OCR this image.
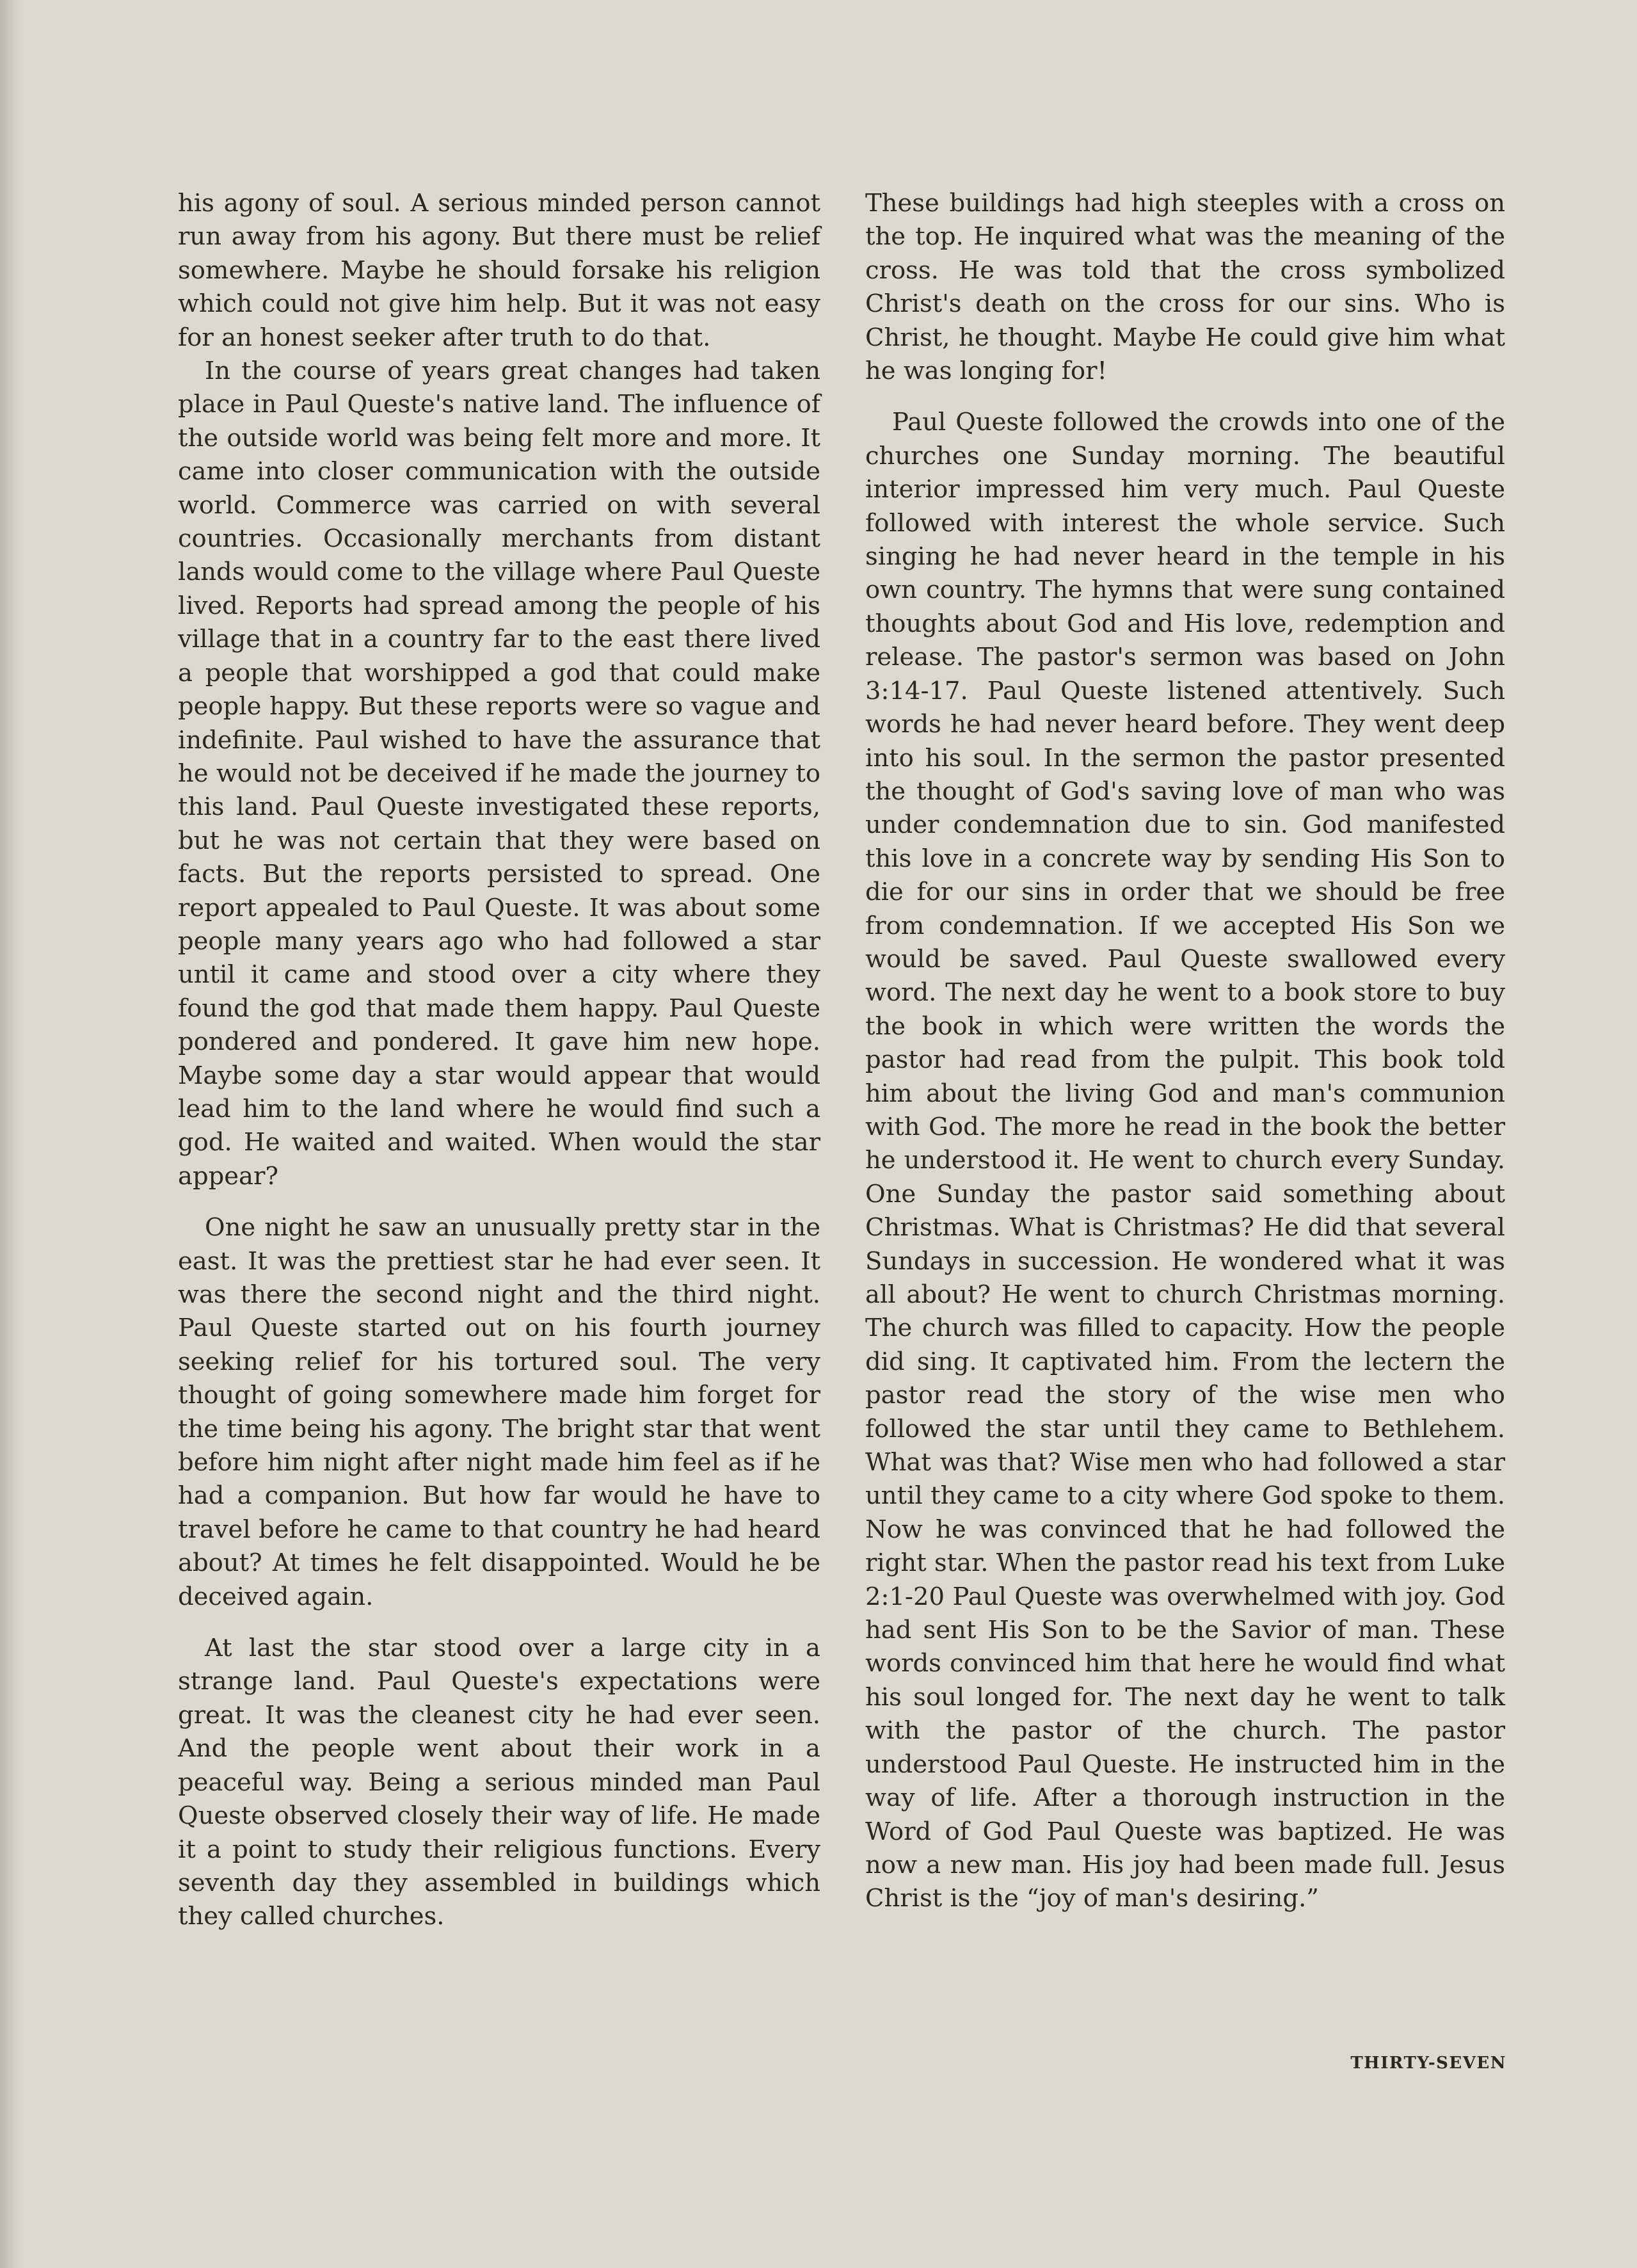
his agony of soul. A serious minded person cannot run away from his agony. But there must be relief somewhere. Maybe he should forsake his religion which could not give him help. But it was not easy for an honest seeker after truth to do that.

In the course of years great changes had taken place in Paul Queste's native land. The influence of the outside world was being felt more and more. It came into closer communication with the outside world. Commerce was carried on with several countries. Occasionally merchants from distant lands would come to the village where Paul Queste lived. Reports had spread among the people of his village that in a country far to the east there lived a people that worshipped a god that could make people happy. But these reports were so vague and indefinite. Paul wished to have the assurance that he would not be deceived if he made the journey to this land. Paul Queste investigated these reports, but he was not certain that they were based on facts. But the reports persisted to spread. One report appealed to Paul Queste. It was about some people many years ago who had followed a star until it came and stood over a city where they found the god that made them happy. Paul Queste pondered and pondered. It gave him new hope. Maybe some day a star would appear that would lead him to the land where he would find such a god. He waited and waited. When would the star appear?

One night he saw an unusually pretty star in the east. It was the prettiest star he had ever seen. It was there the second night and the third night. Paul Queste started out on his fourth journey seeking relief for his tortured soul. The very thought of going somewhere made him forget for the time being his agony. The bright star that went before him night after night made him feel as if he had a companion. But how far would he have to travel before he came to that country he had heard about? At times he felt disappointed. Would he be deceived again.

At last the star stood over a large city in a strange land. Paul Queste's expectations were great. It was the cleanest city he had ever seen. And the people went about their work in a peaceful way. Being a serious minded man Paul Queste observed closely their way of life. He made it a point to study their religious functions. Every seventh day they assembled in buildings which they called churches.

These buildings had high steeples with a cross on the top. He inquired what was the meaning of the cross. He was told that the cross symbolized Christ's death on the cross for our sins. Who is Christ, he thought. Maybe He could give him what he was longing for!

Paul Queste followed the crowds into one of the churches one Sunday morning. The beautiful interior impressed him very much. Paul Queste followed with interest the whole service. Such singing he had never heard in the temple in his own country. The hymns that were sung contained thoughts about God and His love, redemption and release. The pastor's sermon was based on John 3:14-17. Paul Queste listened attentively. Such words he had never heard before. They went deep into his soul. In the sermon the pastor presented the thought of God's saving love of man who was under condemnation due to sin. God manifested this love in a concrete way by sending His Son to die for our sins in order that we should be free from condemnation. If we accepted His Son we would be saved. Paul Queste swallowed every word. The next day he went to a book store to buy the book in which were written the words the pastor had read from the pulpit. This book told him about the living God and man's communion with God. The more he read in the book the better he understood it. He went to church every Sunday. One Sunday the pastor said something about Christmas. What is Christmas? He did that several Sundays in succession. He wondered what it was all about? He went to church Christmas morning. The church was filled to capacity. How the people did sing. It captivated him. From the lectern the pastor read the story of the wise men who followed the star until they came to Bethlehem. What was that? Wise men who had followed a star until they came to a city where God spoke to them. Now he was convinced that he had followed the right star. When the pastor read his text from Luke 2:1-20 Paul Queste was overwhelmed with joy. God had sent His Son to be the Savior of man. These words convinced him that here he would find what his soul longed for. The next day he went to talk with the pastor of the church. The pastor understood Paul Queste. He instructed him in the way of life. After a thorough instruction in the Word of God Paul Queste was baptized. He was now a new man. His joy had been made full. Jesus Christ is the “joy of man's desiring.”

THIRTY-SEVEN
